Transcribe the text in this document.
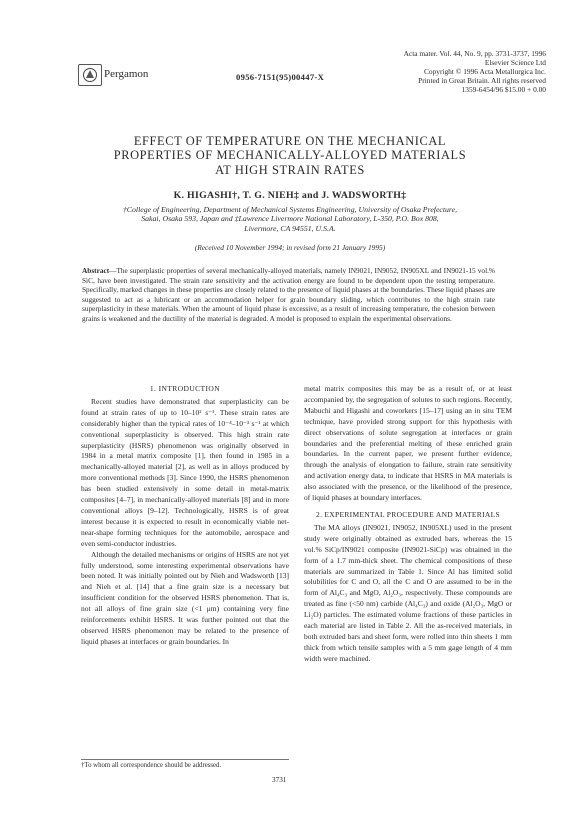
Pergamon
Acta mater. Vol. 44, No. 9, pp. 3731-3737, 1996
Elsevier Science Ltd
Copyright © 1996 Acta Metallurgica Inc.
Printed in Great Britain. All rights reserved
1359-6454/96 $15.00 + 0.00
0956-7151(95)00447-X
EFFECT OF TEMPERATURE ON THE MECHANICAL
PROPERTIES OF MECHANICALLY-ALLOYED MATERIALS
AT HIGH STRAIN RATES
K. HIGASHI†, T. G. NIEH‡ and J. WADSWORTH‡
†College of Engineering, Department of Mechanical Systems Engineering, University of Osaka Prefecture,
Sakai, Osaka 593, Japan and ‡Lawrence Livermore National Laboratory, L-350, P.O. Box 808,
Livermore, CA 94551, U.S.A.
(Received 10 November 1994; in revised form 21 January 1995)
Abstract—The superplastic properties of several mechanically-alloyed materials, namely IN9021, IN9052, IN905XL and IN9021-15 vol.% SiC, have been investigated. The strain rate sensitivity and the activation energy are found to be dependent upon the testing temperature. Specifically, marked changes in these properties are closely related to the presence of liquid phases at the boundaries. These liquid phases are suggested to act as a lubricant or an accommodation helper for grain boundary sliding, which contributes to the high strain rate superplasticity in these materials. When the amount of liquid phase is excessive, as a result of increasing temperature, the cohesion between grains is weakened and the ductility of the material is degraded. A model is proposed to explain the experimental observations.
1. INTRODUCTION

Recent studies have demonstrated that superplasticity can be found at strain rates of up to 10–10² s⁻¹. These strain rates are considerably higher than the typical rates of 10⁻⁴–10⁻³ s⁻¹ at which conventional superplasticity is observed. This high strain rate superplasticity (HSRS) phenomenon was originally observed in 1984 in a metal matrix composite [1], then found in 1985 in a mechanically-alloyed material [2], as well as in alloys produced by more conventional methods [3]. Since 1990, the HSRS phenomenon has been studied extensively in some detail in metal-matrix composites [4–7], in mechanically-alloyed materials [8] and in more conventional alloys [9–12]. Technologically, HSRS is of great interest because it is expected to result in economically viable net-near-shape forming techniques for the automobile, aerospace and even semi-conductor industries.

Although the detailed mechanisms or origins of HSRS are not yet fully understood, some interesting experimental observations have been noted. It was initially pointed out by Nieh and Wadsworth [13] and Nieh et al. [14] that a fine grain size is a necessary but insufficient condition for the observed HSRS phenomenon. That is, not all alloys of fine grain size (<1 μm) containing very fine reinforcements exhibit HSRS. It was further pointed out that the observed HSRS phenomenon may be related to the presence of liquid phases at interfaces or grain boundaries. In

metal matrix composites this may be as a result of, or at least accompanied by, the segregation of solutes to such regions. Recently, Mabuchi and Higashi and coworkers [15–17] using an in situ TEM technique, have provided strong support for this hypothesis with direct observations of solute segregation at interfaces or grain boundaries and the preferential melting of these enriched grain boundaries. In the current paper, we present further evidence, through the analysis of elongation to failure, strain rate sensitivity and activation energy data, to indicate that HSRS in MA materials is also associated with the presence, or the likelihood of the presence, of liquid phases at boundary interfaces.

2. EXPERIMENTAL PROCEDURE AND MATERIALS

The MA alloys (IN9021, IN9052, IN905XL) used in the present study were originally obtained as extruded bars, whereas the 15 vol.% SiCp/IN9021 composite (IN9021-SiCp) was obtained in the form of a 1.7 mm-thick sheet. The chemical compositions of these materials are summarized in Table 1. Since Al has limited solid solubilities for C and O, all the C and O are assumed to be in the form of Al₄C₃ and MgO, Al₂O₃, respectively. These compounds are treated as fine (<50 nm) carbide (Al₄C₃) and oxide (Al₂O₃, MgO or Li₂O) particles. The estimated volume fractions of these particles in each material are listed in Table 2. All the as-received materials, in both extruded bars and sheet form, were rolled into thin sheets 1 mm thick from which tensile samples with a 5 mm gage length of 4 mm width were machined.

†To whom all correspondence should be addressed.
3731
